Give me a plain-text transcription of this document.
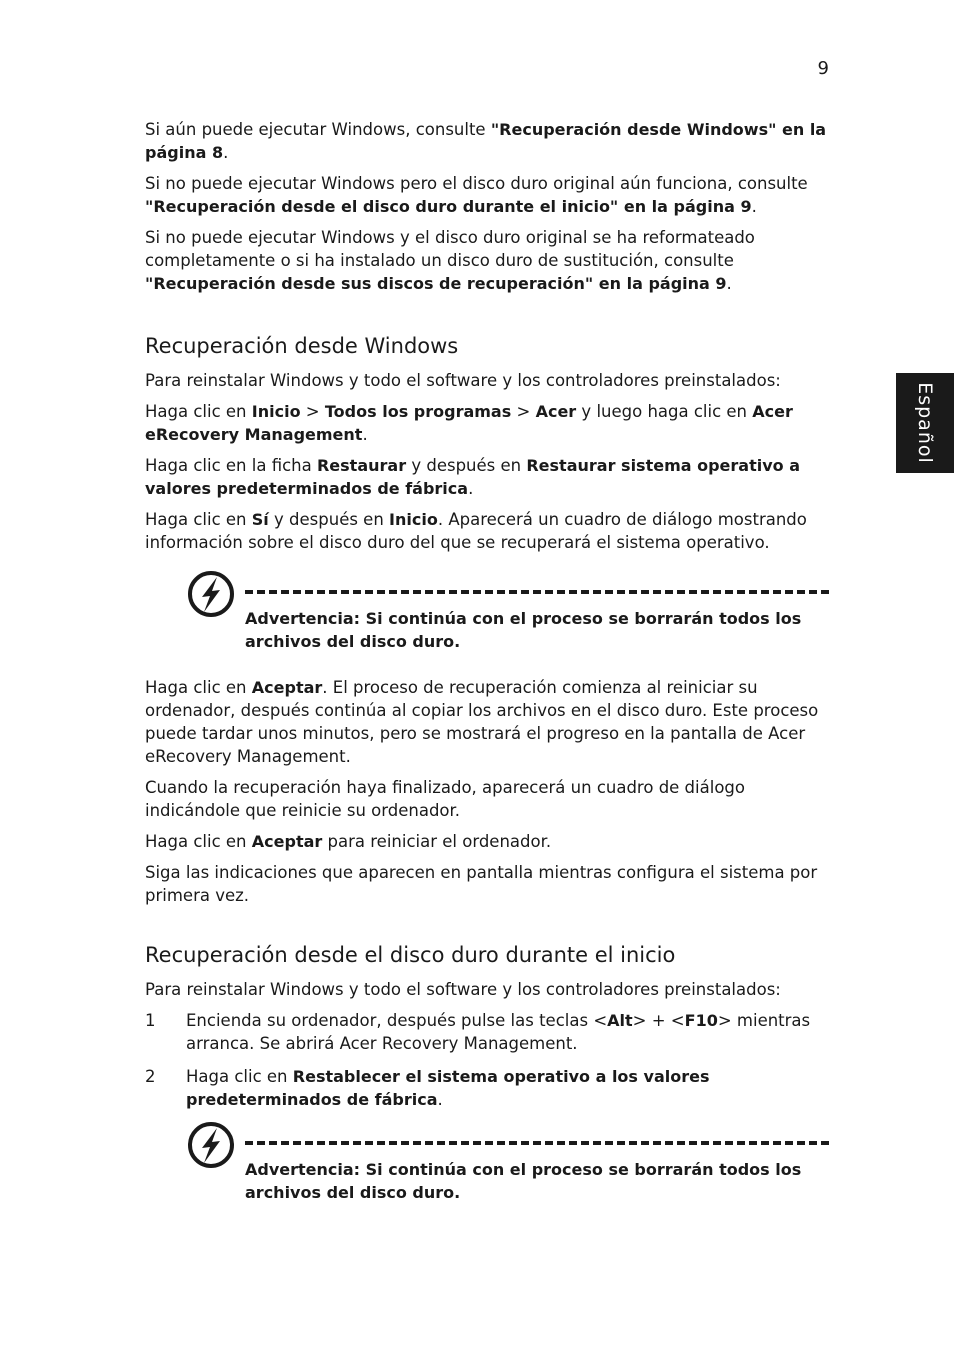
9
Español

Si aún puede ejecutar Windows, consulte "Recuperación desde Windows" en la página 8.

Si no puede ejecutar Windows pero el disco duro original aún funciona, consulte "Recuperación desde el disco duro durante el inicio" en la página 9.

Si no puede ejecutar Windows y el disco duro original se ha reformateado completamente o si ha instalado un disco duro de sustitución, consulte "Recuperación desde sus discos de recuperación" en la página 9.

Recuperación desde Windows

Para reinstalar Windows y todo el software y los controladores preinstalados:

Haga clic en Inicio > Todos los programas > Acer y luego haga clic en Acer eRecovery Management.

Haga clic en la ficha Restaurar y después en Restaurar sistema operativo a valores predeterminados de fábrica.

Haga clic en Sí y después en Inicio. Aparecerá un cuadro de diálogo mostrando información sobre el disco duro del que se recuperará el sistema operativo.

Advertencia: Si continúa con el proceso se borrarán todos los archivos del disco duro.

Haga clic en Aceptar. El proceso de recuperación comienza al reiniciar su ordenador, después continúa al copiar los archivos en el disco duro. Este proceso puede tardar unos minutos, pero se mostrará el progreso en la pantalla de Acer eRecovery Management.

Cuando la recuperación haya finalizado, aparecerá un cuadro de diálogo indicándole que reinicie su ordenador.

Haga clic en Aceptar para reiniciar el ordenador.

Siga las indicaciones que aparecen en pantalla mientras configura el sistema por primera vez.

Recuperación desde el disco duro durante el inicio

Para reinstalar Windows y todo el software y los controladores preinstalados:

1 Encienda su ordenador, después pulse las teclas <Alt> + <F10> mientras arranca. Se abrirá Acer Recovery Management.
2 Haga clic en Restablecer el sistema operativo a los valores predeterminados de fábrica.
Advertencia: Si continúa con el proceso se borrarán todos los archivos del disco duro.
